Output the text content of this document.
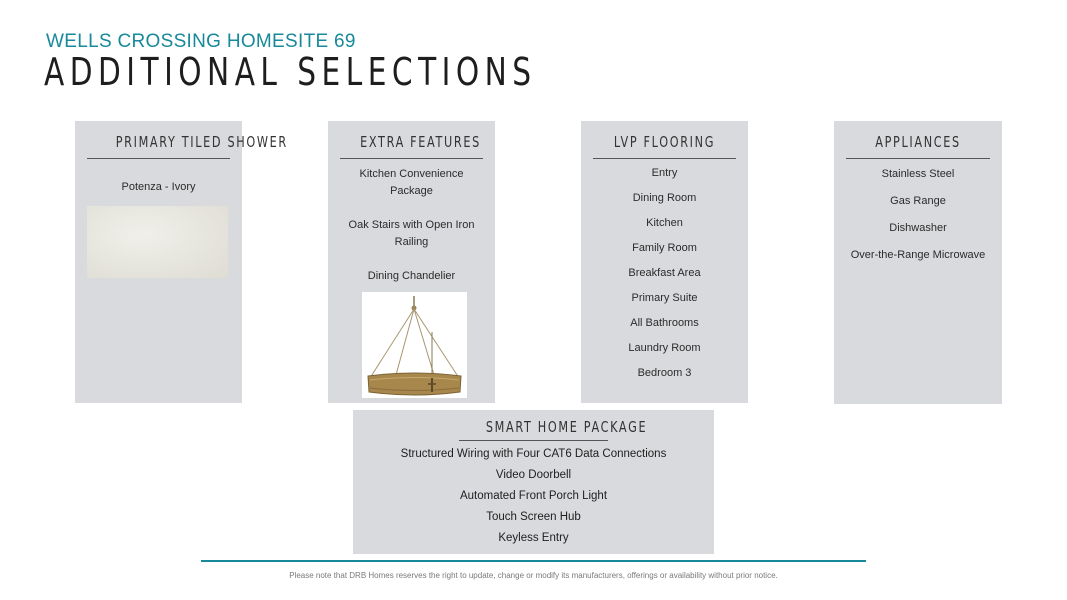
WELLS CROSSING HOMESITE 69
ADDITIONAL SELECTIONS
PRIMARY TILED SHOWER
Potenza - Ivory
EXTRA FEATURES
Kitchen Convenience Package
Oak Stairs with Open Iron Railing
Dining Chandelier
LVP FLOORING
Entry
Dining Room
Kitchen
Family Room
Breakfast Area
Primary Suite
All Bathrooms
Laundry Room
Bedroom 3
APPLIANCES
Stainless Steel
Gas Range
Dishwasher
Over-the-Range Microwave
SMART HOME PACKAGE
Structured Wiring with Four CAT6 Data Connections
Video Doorbell
Automated Front Porch Light
Touch Screen Hub
Keyless Entry
Please note that DRB Homes reserves the right to update, change or modify its manufacturers, offerings or availability without prior notice.
